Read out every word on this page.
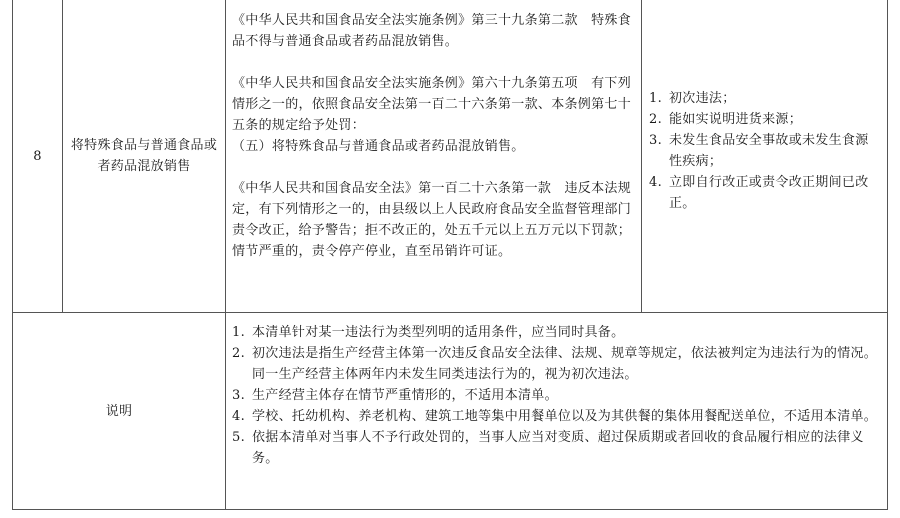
8
将特殊食品与普通食品或者药品混放销售

《中华人民共和国食品安全法实施条例》第三十九条第二款　特殊食品不得与普通食品或者药品混放销售。

《中华人民共和国食品安全法实施条例》第六十九条第五项　有下列情形之一的，依照食品安全法第一百二十六条第一款、本条例第七十五条的规定给予处罚：

（五）将特殊食品与普通食品或者药品混放销售。

《中华人民共和国食品安全法》第一百二十六条第一款　违反本法规定，有下列情形之一的，由县级以上人民政府食品安全监督管理部门责令改正，给予警告；拒不改正的，处五千元以上五万元以下罚款；情节严重的，责令停产停业，直至吊销许可证。

1. 初次违法；
2. 能如实说明进货来源；
3. 未发生食品安全事故或未发生食源性疾病；
4. 立即自行改正或责令改正期间已改正。
说明
1. 本清单针对某一违法行为类型列明的适用条件，应当同时具备。
2. 初次违法是指生产经营主体第一次违反食品安全法律、法规、规章等规定，依法被判定为违法行为的情况。同一生产经营主体两年内未发生同类违法行为的，视为初次违法。
3. 生产经营主体存在情节严重情形的，不适用本清单。
4. 学校、托幼机构、养老机构、建筑工地等集中用餐单位以及为其供餐的集体用餐配送单位，不适用本清单。
5. 依据本清单对当事人不予行政处罚的，当事人应当对变质、超过保质期或者回收的食品履行相应的法律义务。
